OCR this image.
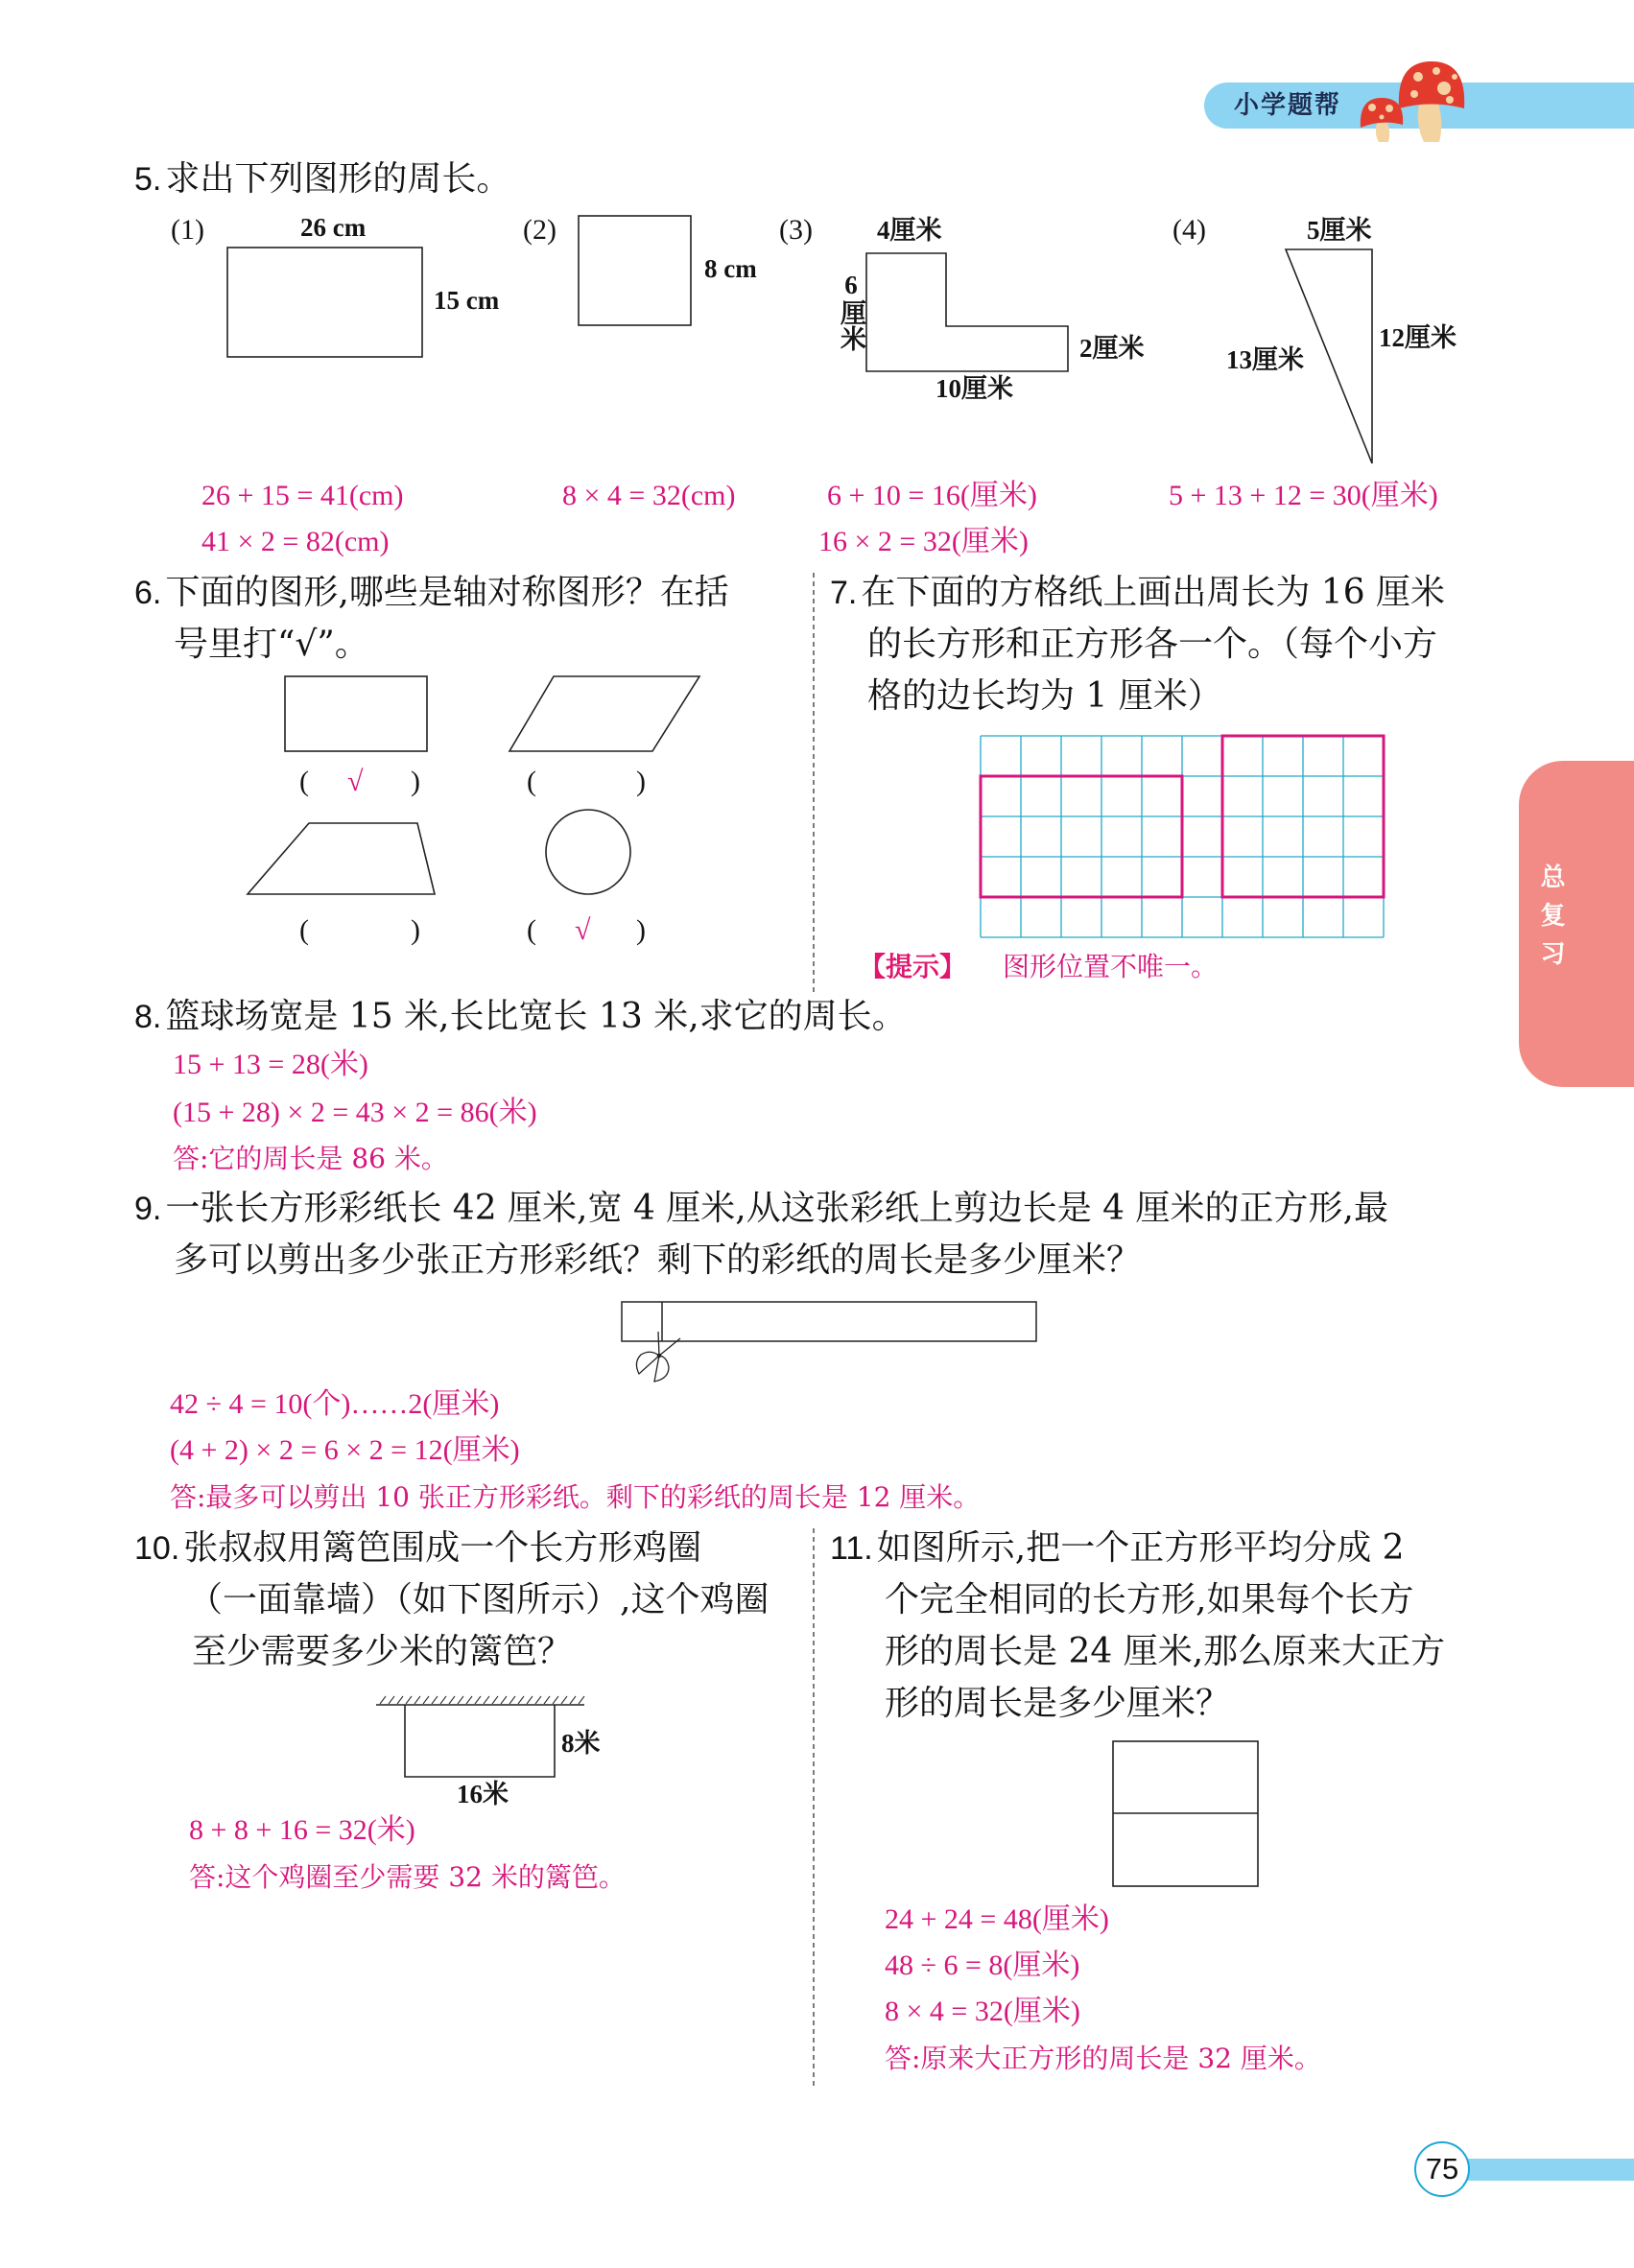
小学题帮
总复习
5. 求出下列图形的周长。
(1)	26 cm
15 cm
(2)
8 cm
(3) 4厘米
6厘米	2厘米
10厘米
(4)	5厘米
13厘米
12厘米
26 + 15 = 41(cm)
41 × 2 = 82(cm)
8 × 4 = 32(cm)	6 + 10 = 16(厘米)
16 × 2 = 32(厘米)
5 + 13 + 12 = 30(厘米)
6. 下面的图形,哪些是轴对称图形？在括
号里打“√”。
( √ )	(	)
(	)	( √ )
7. 在下面的方格纸上画出周长为 16 厘米
的长方形和正方形各一个。（每个小方
格的边长均为 1 厘米）
【提示】 图形位置不唯一。
8. 篮球场宽是 15 米,长比宽长 13 米,求它的周长。
15 + 13 = 28(米)
(15 + 28) × 2 = 43 × 2 = 86(米)
答:它的周长是 86 米。
9. 一张长方形彩纸长 42 厘米,宽 4 厘米,从这张彩纸上剪边长是 4 厘米的正方形,最
多可以剪出多少张正方形彩纸？剩下的彩纸的周长是多少厘米？
42 ÷ 4 = 10(个)……2(厘米)
(4 + 2) × 2 = 6 × 2 = 12(厘米)
答:最多可以剪出 10 张正方形彩纸。剩下的彩纸的周长是 12 厘米。
10. 张叔叔用篱笆围成一个长方形鸡圈
（一面靠墙）（如下图所示）,这个鸡圈
至少需要多少米的篱笆？
8米
16米
8 + 8 + 16 = 32(米)
答:这个鸡圈至少需要 32 米的篱笆。
11. 如图所示,把一个正方形平均分成 2
个完全相同的长方形,如果每个长方
形的周长是 24 厘米,那么原来大正方
形的周长是多少厘米？
24 + 24 = 48(厘米)
48 ÷ 6 = 8(厘米)
8 × 4 = 32(厘米)
答:原来大正方形的周长是 32 厘米。
75
